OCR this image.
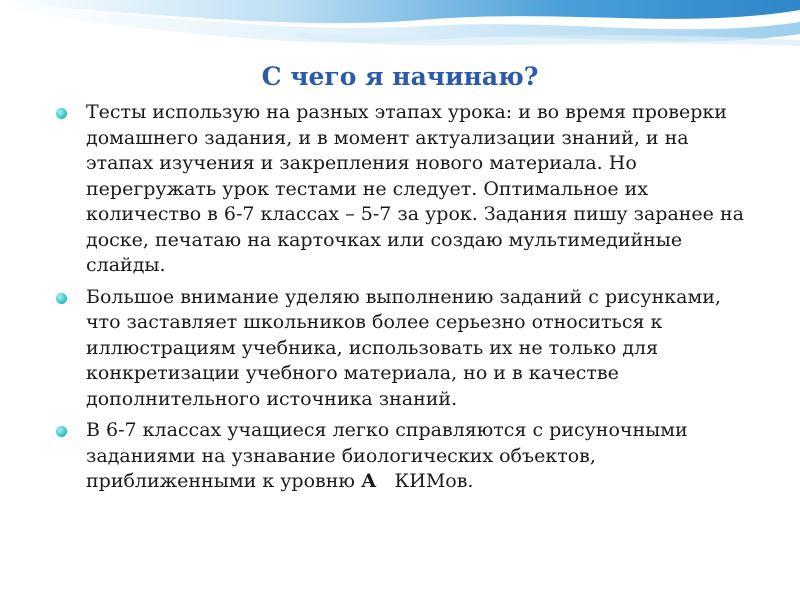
С чего я начинаю?
Тесты использую на разных этапах урока: и во время проверки домашнего задания, и в момент актуализации знаний, и на этапах изучения и закрепления нового материала. Но перегружать урок тестами не следует. Оптимальное их количество в 6-7 классах – 5-7 за урок. Задания пишу заранее на доске, печатаю на карточках или создаю мультимедийные слайды.
Большое внимание уделяю выполнению заданий с рисунками, что заставляет школьников более серьезно относиться к иллюстрациям учебника, использовать их не только для конкретизации учебного материала, но и в качестве дополнительного источника знаний.
В 6-7 классах учащиеся легко справляются с рисуночными заданиями на узнавание биологических объектов, приближенными к уровню А   КИМов.
